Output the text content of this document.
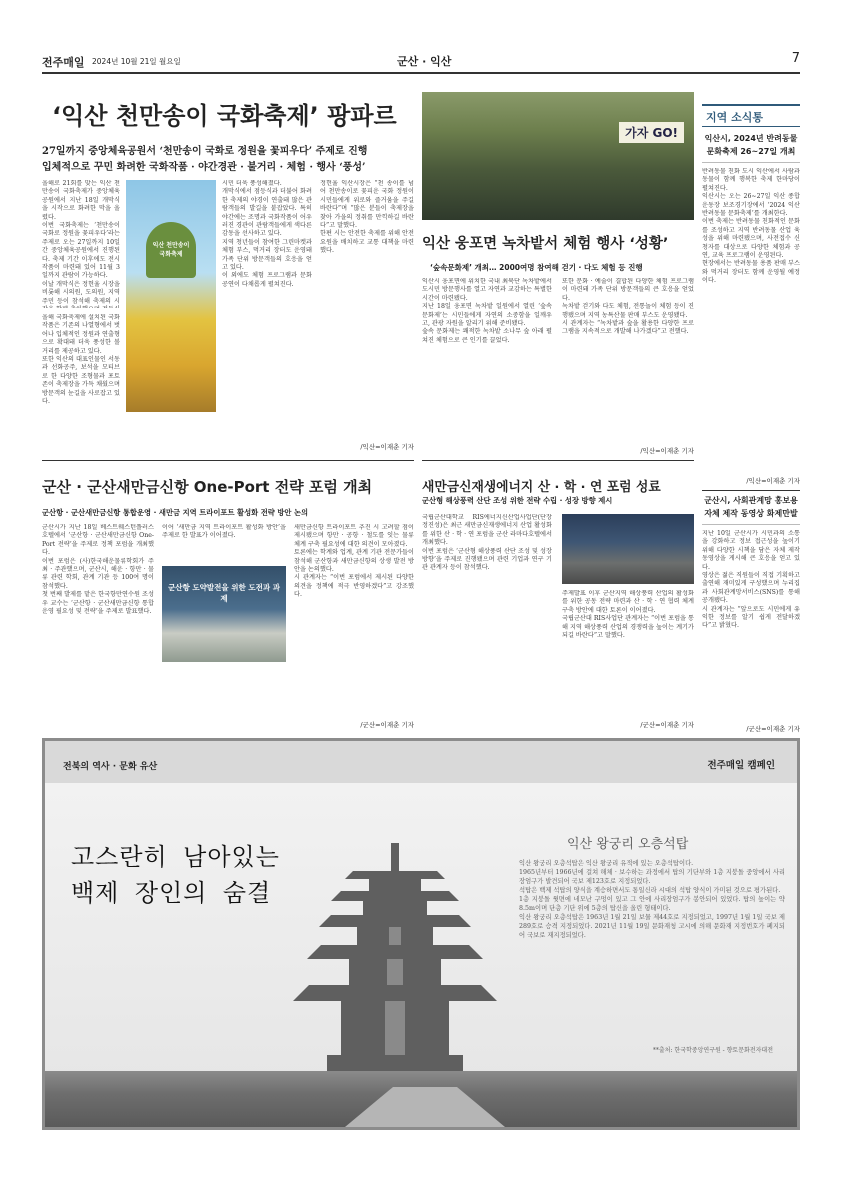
전주매일 2024년 10월 21일 월요일	군산 · 익산	7
‘익산 천만송이 국화축제’ 팡파르
27일까지 중앙체육공원서 ‘천만송이 국화로 정원을 꽃피우다’ 주제로 진행
입체적으로 꾸민 화려한 국화작품 · 야간경관 · 불거리 · 체험 · 행사 ‘풍성’
올해로 21회를 맞는 익산 천만송이 국화축제가 중앙체육공원에서 지난 18일 개막식을 시작으로 화려한 막을 올렸다.
이번 국화축제는 ‘천만송이 국화로 정원을 꽃피우다’라는 주제로 오는 27일까지 10일간 중앙체육공원에서 진행된다. 축제 기간 이후에도 전시작품이 마련돼 있어 11월 3일까지 관람이 가능하다.
이날 개막식은 정헌율 시장을 비롯해 시의원, 도의원, 지역 주민 등이 참석해 축제의 시
올해 국화축제에 설치된 국화작품은 기존의 나열형에서 벗어나 입체적인 정원과 연출형으로 확대돼 더욱 풍성한 볼거리를 제공하고 있다.
또한 익산의 대표인물인 서동과 선화공주, 보석을 모티브로 한 다양한 조형물과 포토존이 축제장을 가득 채웠으며 방문객의 눈길을 사로잡고 있다.
익산 천만송이 국화축제
시민 더욱 풍성해졌다.
개막식에서 점등식과 더불어 화려한 축제의 야경이 연출돼 많은 관람객들의 발길을 붙잡았다. 특히 야간에는 조명과 국화작품이 어우러진 경관이 관람객들에게 색다른 감동을 선사하고 있다.
지역 청년들이 참여한 그린마켓과 체험 부스, 먹거리 장터도 운영돼 가족 단위 방문객들의 호응을 얻고 있다.
이 외에도 체험 프로그램과 문화 공연이 다채롭게 펼쳐진다.
정헌율 익산시장은 “천 송이를 넘어 천만송이로 꽃피운 국화 정원이 시민들에게 위로와 즐거움을 주길 바란다”며 “많은 분들이 축제장을 찾아 가을의 정취를 만끽하길 바란다”고 말했다.
한편 시는 안전한 축제를 위해 안전요원을 배치하고 교통 대책을 마련했다.
/익산=이재춘 기자
가자 GO!
익산 웅포면 녹차밭서 체험 행사 ‘성황’
‘숲속문화제’ 개최… 2000여명 참여해 걷기 · 다도 체험 등 진행
익산시 웅포면에 위치한 국내 최북단 녹차밭에서 도시민 방문행사를 열고 자연과 교감하는 특별한 시간이 마련됐다.
지난 18일 웅포면 녹차밭 일원에서 열린 ‘숲속 문화제’는 시민들에게 자연의 소중함을 일깨우고, 관광 자원을 알리기 위해 준비됐다.
숲속 문화제는 쾌적한 녹차밭 소나무 숲 아래 펼쳐진 체험으로 큰 인기를 끌었다.
또한 문화 · 예술이 결합된 다양한 체험 프로그램이 마련돼 가족 단위 방문객들의 큰 호응을 얻었다.
녹차밭 걷기와 다도 체험, 전통놀이 체험 등이 진행됐으며 지역 농특산물 판매 부스도 운영됐다.
시 관계자는 “녹차밭과 숲을 활용한 다양한 프로그램을 지속적으로 개발해 나가겠다”고 전했다.
/익산=이재춘 기자
지역 소식통
익산시, 2024년 반려동물 문화축제 26~27일 개최
반려동물 친화 도시 익산에서 사람과 동물이 함께 행복한 축제 한마당이 펼쳐진다.
익산시는 오는 26~27일 익산 종합운동장 보조경기장에서 ‘2024 익산 반려동물 문화축제’를 개최한다.
이번 축제는 반려동물 친화적인 문화를 조성하고 지역 반려동물 산업 육성을 위해 마련됐으며, 사전접수 신청자를 대상으로 다양한 체험과 공연, 교육 프로그램이 운영된다.
현장에서는 반려동물 용품 판매 부스와 먹거리 장터도 함께 운영될 예정이다.
/익산=이재춘 기자
군산시, 사회관계망 홍보용 자체 제작 동영상 화제만발
지난 10일 군산시가 시민과의 소통을 강화하고 정보 접근성을 높이기 위해 다양한 시책을 담은 자체 제작 동영상을 게시해 큰 호응을 얻고 있다.
영상은 젊은 직원들이 직접 기획하고 출연해 재미있게 구성했으며 누리집과 사회관계망서비스(SNS)를 통해 공개됐다.
시 관계자는 “앞으로도 시민에게 유익한 정보를 알기 쉽게 전달하겠다”고 밝혔다.
/군산=이재춘 기자
군산 · 군산새만금신항 One-Port 전략 포럼 개최
군산항 · 군산새만금신항 통합운영 · 새만금 지역 트라이포트 활성화 전략 방안 논의
군산시가 지난 18일 베스트웨스턴플러스 호텔에서 ‘군산항 · 군산새만금신항 One-Port 전략’을 주제로 정책 포럼을 개최했다.
이번 포럼은 (사)한국해운물류학회가 주최 · 주관했으며, 군산시, 해운 · 항만 · 물류 관련 학회, 관계 기관 등 100여 명이 참석했다.
첫 번째 발제를 맡은 한국항만연수원 조성우 교수는 ‘군산항 · 군산새만금신항 통합 운영 필요성 및 전략’을 주제로 발표했다.
이어 ‘새만금 지역 트라이포트 활성화 방안’을 주제로 한 발표가 이어졌다.
군산항 도약발전을 위한 도전과 과제
새만금신항 트라이포트 추진 시 고려할 점이 제시됐으며 항만 · 공항 · 철도를 잇는 물류 체계 구축 필요성에 대한 의견이 모아졌다.
토론에는 학계와 업계, 관계 기관 전문가들이 참석해 군산항과 새만금신항의 상생 발전 방안을 논의했다.
시 관계자는 “이번 포럼에서 제시된 다양한 의견을 정책에 적극 반영하겠다”고 강조했다.
/군산=이재춘 기자
새만금신재생에너지 산 · 학 · 연 포럼 성료
군산형 해상풍력 산단 조성 위한 전략 수립 · 성장 방향 제시
국립군산대학교 RIS에너지신산업사업단(단장 정진성)은 최근 새만금신재생에너지 산업 활성화를 위한 산 · 학 · 연 포럼을 군산 라마다호텔에서 개최했다.
이번 포럼은 ‘군산형 해상풍력 산단 조성 및 성장 방향’을 주제로 진행됐으며 관련 기업과 연구 기관 관계자 등이 참석했다.
주제발표 이후 군산지역 해상풍력 산업의 활성화를 위한 공동 전략 마련과 산 · 학 · 연 협력 체계 구축 방안에 대한 토론이 이어졌다.
국립군산대 RIS사업단 관계자는 “이번 포럼을 통해 지역 해상풍력 산업의 경쟁력을 높이는 계기가 되길 바란다”고 말했다.
/군산=이재춘 기자
전북의 역사 · 문화 유산	전주매일 캠페인
고스란히 남아있는
백제 장인의 숨결
익산 왕궁리 오층석탑
익산 왕궁리 오층석탑은 익산 왕궁리 유적에 있는 오층석탑이다.
1965년부터 1966년에 걸쳐 해체 · 보수하는 과정에서 탑의 기단부와 1층 지붕돌 중앙에서 사리장엄구가 발견되어 국보 제123호로 지정되었다.
석탑은 백제 석탑의 양식을 계승하면서도 통일신라 시대의 석탑 양식이 가미된 것으로 평가된다.
1층 지붕돌 윗면에 네모난 구멍이 있고 그 안에 사리장엄구가 봉안되어 있었다. 탑의 높이는 약 8.5m이며 단층 기단 위에 5층의 탑신을 올린 형태이다.
익산 왕궁리 오층석탑은 1963년 1월 21일 보물 제44호로 지정되었고, 1997년 1월 1일 국보 제289호로 승격 지정되었다. 2021년 11월 19일 문화재청 고시에 의해 문화재 지정번호가 폐지되어 국보로 재지정되었다.
**출처: 한국학중앙연구원 - 향토문화전자대전
